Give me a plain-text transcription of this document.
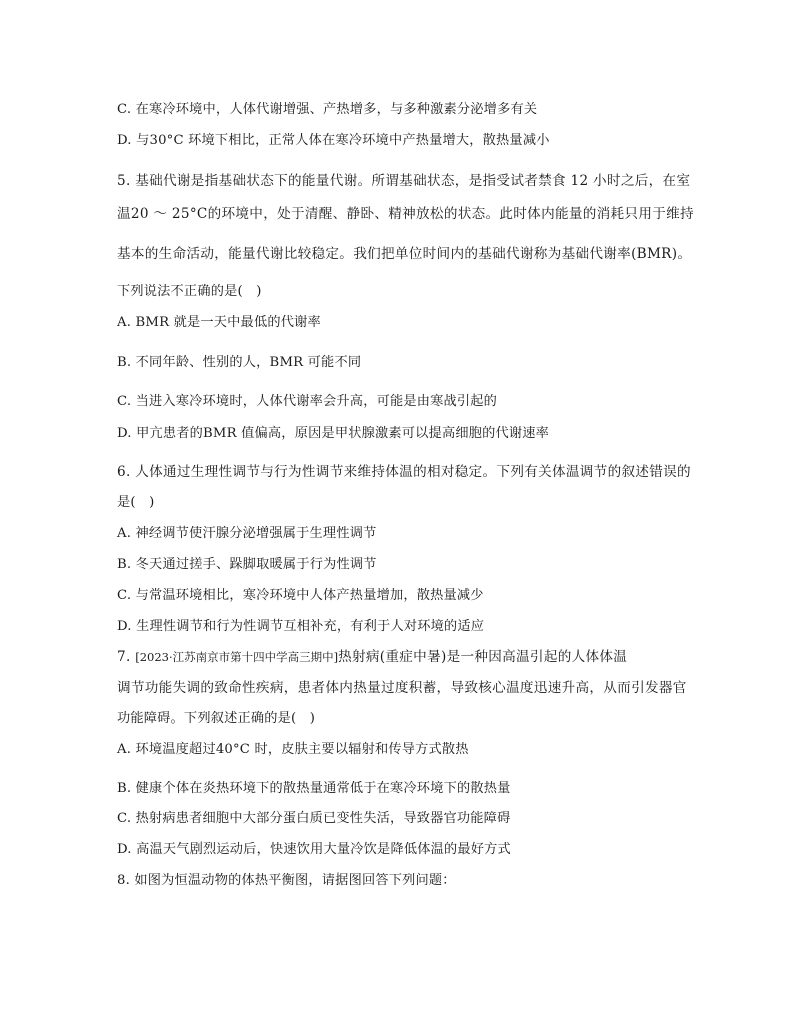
C. 在寒冷环境中，人体代谢增强、产热增多，与多种激素分泌增多有关
D. 与30°C 环境下相比，正常人体在寒冷环境中产热量增大，散热量减小
5. 基础代谢是指基础状态下的能量代谢。所谓基础状态，是指受试者禁食 12 小时之后，在室
温20 ～ 25°C的环境中，处于清醒、静卧、精神放松的状态。此时体内能量的消耗只用于维持
基本的生命活动，能量代谢比较稳定。我们把单位时间内的基础代谢称为基础代谢率(BMR)。
下列说法不正确的是(　)
A. BMR 就是一天中最低的代谢率
B. 不同年龄、性别的人，BMR 可能不同
C. 当进入寒冷环境时，人体代谢率会升高，可能是由寒战引起的
D. 甲亢患者的BMR 值偏高，原因是甲状腺激素可以提高细胞的代谢速率
6. 人体通过生理性调节与行为性调节来维持体温的相对稳定。下列有关体温调节的叙述错误的
是(　)
A. 神经调节使汗腺分泌增强属于生理性调节
B. 冬天通过搓手、跺脚取暖属于行为性调节
C. 与常温环境相比，寒冷环境中人体产热量增加，散热量减少
D. 生理性调节和行为性调节互相补充，有利于人对环境的适应
7. [2023·江苏南京市第十四中学高三期中]热射病(重症中暑)是一种因高温引起的人体体温
调节功能失调的致命性疾病，患者体内热量过度积蓄，导致核心温度迅速升高，从而引发器官
功能障碍。下列叙述正确的是(　)
A. 环境温度超过40°C 时，皮肤主要以辐射和传导方式散热
B. 健康个体在炎热环境下的散热量通常低于在寒冷环境下的散热量
C. 热射病患者细胞中大部分蛋白质已变性失活，导致器官功能障碍
D. 高温天气剧烈运动后，快速饮用大量冷饮是降低体温的最好方式
8. 如图为恒温动物的体热平衡图，请据图回答下列问题：
